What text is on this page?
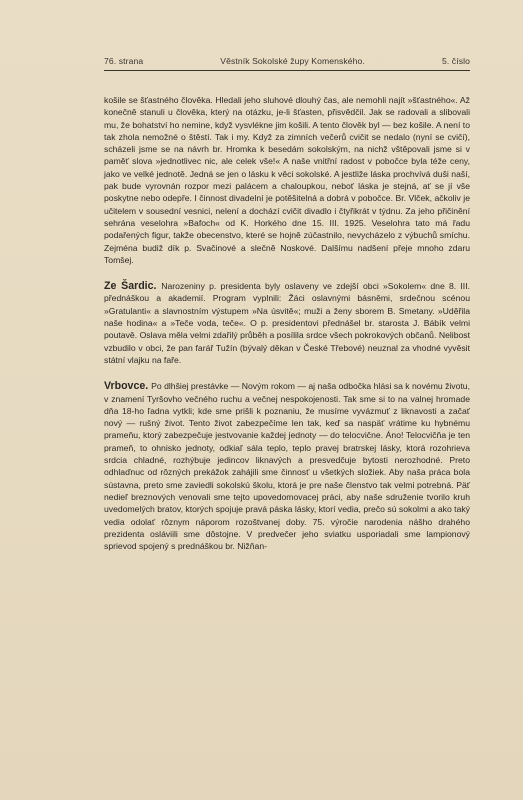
76. strana	Věstník Sokolské župy Komenského.	5. číslo

košile se šťastného člověka. Hledali jeho sluhové dlouhý čas, ale nemohli najít »šťastného«. Až konečně stanuli u člověka, který na otázku, je-li šťasten, přisvědčil. Jak se radovali a slibovali mu, že bohatství ho nemine, když vysvlékne jim košili. A tento člověk byl — bez košile. A není to tak zhola nemožné o štěstí. Tak i my. Když za zimních večerů cvičit se nedalo (nyní se cvičí), scházeli jsme se na návrh br. Hromka k besedám sokolským, na nichž vštěpovali jsme si v paměť slova »jednotlivec nic, ale celek vše!« A naše vnitřní radost v pobočce byla téže ceny, jako ve velké jednotě. Jedná se jen o lásku k věci sokolské. A jestliže láska prochvívá duši naší, pak bude vyrovnán rozpor mezi palácem a chaloupkou, neboť láska je stejná, ať se jí vše poskytne nebo odepře. I činnost divadelní je potěšitelná a dobrá v pobočce. Br. Vlček, ačkoliv je učitelem v sousední vesnici, nelení a dochází cvičit divadlo i čtyřikrát v týdnu. Za jeho přičinění sehrána veselohra »Bafoch« od K. Horkého dne 15. III. 1925. Veselohra tato má řadu podařených figur, takže obecenstvo, které se hojně zúčastnilo, nevycházelo z výbuchů smíchu. Zejména budiž dík p. Svačinové a slečně Noskové. Dalšímu nadšení přeje mnoho zdaru Tomšej.

Ze Šardic. Narozeniny p. presidenta byly oslaveny ve zdejší obci »Sokolem« dne 8. III. přednáškou a akademií. Program vyplnili: Žáci oslavnými básněmi, srdečnou scénou »Gratulanti« a slavnostním výstupem »Na úsvitě«; muži a ženy sborem B. Smetany. »Uděřila naše hodina« a »Teče voda, teče«. O p. presidentovi přednášel br. starosta J. Bábík velmi poutavě. Oslava měla velmi zdařilý průběh a posílila srdce všech pokrokových občanů. Nelibost vzbudilo v obci, že pan farář Tužín (bývalý děkan v České Třebové) neuznal za vhodné vyvěsit státní vlajku na faře.

Vrbovce. Po dlhšiej prestávke — Novým rokom — aj naša odbočka hlási sa k novému životu, v znamení Tyršovho večného ruchu a večnej nespokojenosti. Tak sme si to na valnej hromade dňa 18-ho ľadna vytkli; kde sme prišli k poznaniu, že musíme vyvázmuť z liknavosti a začať nový — rušný život. Tento život zabezpečíme len tak, keď sa naspäť vrátime ku hybnému prameňu, ktorý zabezpečuje jestvovanie každej jednoty — do telocvične. Áno! Telocvičňa je ten prameň, to ohnisko jednoty, odkiaľ sála teplo, teplo pravej bratrskej lásky, ktorá rozohrieva srdcia chladné, rozhýbuje jedincov liknavých a presvedčuje bytosti nerozhodné. Preto odhlaďnuc od rôzných prekážok zahájili sme činnosť u všetkých složiek. Aby naša práca bola sústavna, preto sme zaviedli sokolskú školu, ktorá je pre naše členstvo tak velmi potrebná. Päť nedieľ breznových venovali sme tejto upovedomovacej práci, aby naše sdruženie tvorilo kruh uvedomelých bratov, ktorých spojuje pravá páska lásky, ktorí vedia, prečo sú sokolmi a ako taký vedia odolať rôznym náporom rozoštvanej doby. 75. výročie narodenia nášho drahého prezidenta osláviili sme dôstojne. V predvečer jeho sviatku usporiadali sme lampionový sprievod spojený s prednáškou br. Nižňan-
